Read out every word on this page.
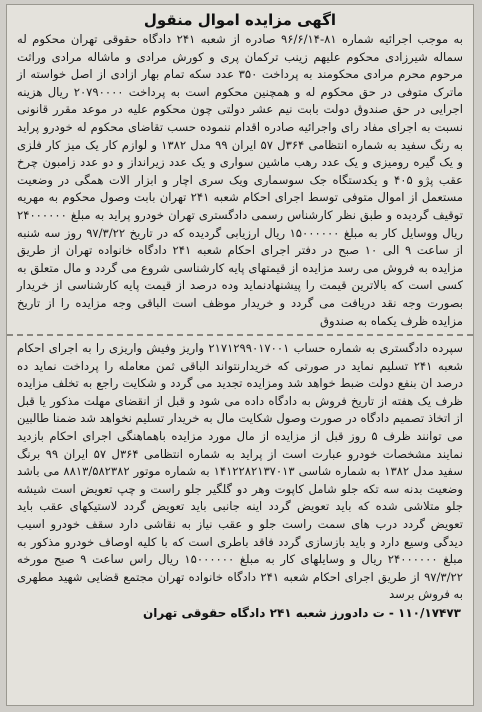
اگهی مزایده اموال منقول
به موجب اجرائیه شماره ۸۱-۹۶/۶/۱۴ صادره از شعبه ۲۴۱ دادگاه حقوقی تهران محکوم له سماله شیرزادی محکوم علیهم زینب ترکمان پری و کورش مرادی و ماشاله مرادی وراثت مرحوم محرم مرادی محکومند به پرداخت ۳۵۰ عدد سکه تمام بهار ازادی از اصل خواسته از ماترک متوفی در حق محکوم له و همچنین محکوم است به پرداخت ۲۰۷۹۰۰۰۰ ریال هزینه اجرایی در حق صندوق دولت بابت نیم عشر دولتی چون محکوم علیه در موعد مقرر قانونی نسبت به اجرای مفاد رای واجرائیه صادره اقدام ننموده حسب تقاضای محکوم له خودرو پراید به رنگ سفید به شماره انتظامی ۳۶۴ل ۵۷ ایران ۹۹ مدل ۱۳۸۲ و لوازم کار یک میز کار فلزی و یک گیره رومیزی و یک عدد رهب ماشین سواری و یک عدد زیرانداز و دو عدد زامبون چرخ عقب پژو ۴۰۵ و یکدستگاه جک سوسماری ویک سری اچار و ابزار الات همگی در وضعیت مستعمل از اموال متوفی توسط اجرای احکام شعبه ۲۴۱ تهران بابت وصول محکوم به مهریه توقیف گردیده و طبق نظر کارشناس رسمی دادگستری تهران خودرو پراید به مبلغ ۲۴۰۰۰۰۰۰ ریال ووسایل کار به مبلغ ۱۵۰۰۰۰۰۰ ریال ارزیابی گردیده که در تاریخ ۹۷/۳/۲۲ روز سه شنبه از ساعت ۹ الی ۱۰ صبح در دفتر اجرای احکام شعبه ۲۴۱ دادگاه خانواده تهران از طریق مزایده به فروش می رسد مزایده از قیمتهای پایه کارشناسی شروع می گردد و مال متعلق به کسی است که بالاترین قیمت را پیشنهادنماید وده درصد از قیمت پایه کارشناسی از خریدار بصورت وجه نقد دریافت می گردد و خریدار موظف است الباقی وجه مزایده را از تاریخ مزایده ظرف یکماه به صندوق
سپرده دادگستری به شماره حساب ۲۱۷۱۲۹۹۰۱۷۰۰۱ واریز وفیش واریزی را به اجرای احکام شعبه ۲۴۱ تسلیم نماید در صورتی که خریدارنتواند الباقی ثمن معامله را پرداخت نماید ده درصد ان بنفع دولت ضبط خواهد شد ومزایده تجدید می گردد و شکایت راجع به تخلف مزایده ظرف یک هفته از تاریخ فروش به دادگاه داده می شود و قبل از انقضای مهلت مذکور یا قبل از اتخاذ تصمیم دادگاه در صورت وصول شکایت مال به خریدار تسلیم نخواهد شد ضمنا طالبین می توانند ظرف ۵ روز قبل از مزایده از مال مورد مزایده باهماهنگی اجرای احکام بازدید نمایند مشخصات خودرو عبارت است از پراید به شماره انتظامی ۳۶۴ل ۵۷ ایران ۹۹ برنگ سفید مدل ۱۳۸۲ به شماره شاسی ۱۴۱۲۲۸۲۱۳۷۰۱۳ به شماره موتور ۸۸۱۳/۵۸۲۳۸۲ می باشد وضعیت بدنه سه تکه جلو شامل کاپوت وهر دو گلگیر جلو راست و چپ تعویض است شیشه جلو متلاشی شده که باید تعویض گردد اینه جانبی باید تعویض گردد لاستیکهای عقب باید تعویض گردد درب های سمت راست جلو و عقب نیاز به نقاشی دارد سقف خودرو اسیب دیدگی وسیع دارد و باید بازسازی گردد فاقد باطری است که با کلیه اوصاف خودرو مذکور به مبلغ ۲۴۰۰۰۰۰۰ ریال و وسایلهای کار به مبلغ ۱۵۰۰۰۰۰۰ ریال راس ساعت ۹ صبح مورخه ۹۷/۳/۲۲ از طریق اجرای احکام شعبه ۲۴۱ دادگاه خانواده تهران مجتمع قضایی شهید مطهری به فروش برسد
۱۱۰/۱۷۴۷۳ - ت دادورز شعبه ۲۴۱ دادگاه حقوقی تهران
